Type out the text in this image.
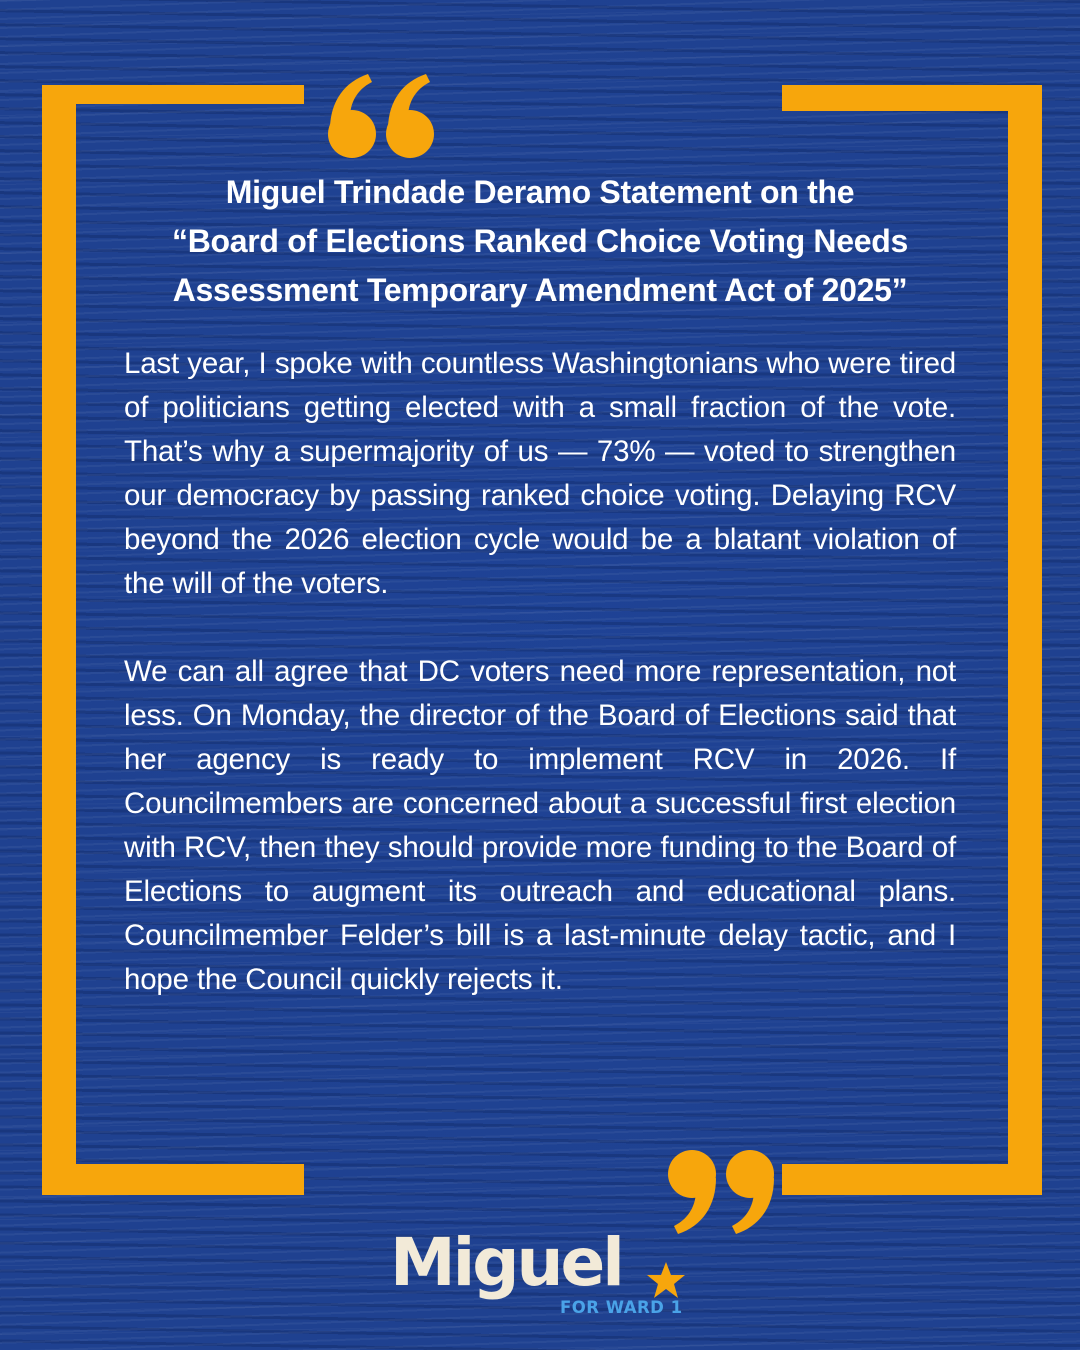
Miguel Trindade Deramo Statement on the
“Board of Elections Ranked Choice Voting Needs
Assessment Temporary Amendment Act of 2025”

Last year, I spoke with countless Washingtonians who were tired of politicians getting elected with a small fraction of the vote. That’s why a supermajority of us — 73% — voted to strengthen our democracy by passing ranked choice voting. Delaying RCV beyond the 2026 election cycle would be a blatant violation of the will of the voters.

We can all agree that DC voters need more representation, not less. On Monday, the director of the Board of Elections said that her agency is ready to implement RCV in 2026. If Councilmembers are concerned about a successful first election with RCV, then they should provide more funding to the Board of Elections to augment its outreach and educational plans. Councilmember Felder’s bill is a last-minute delay tactic, and I hope the Council quickly rejects it.

Miguel
FOR WARD 1
